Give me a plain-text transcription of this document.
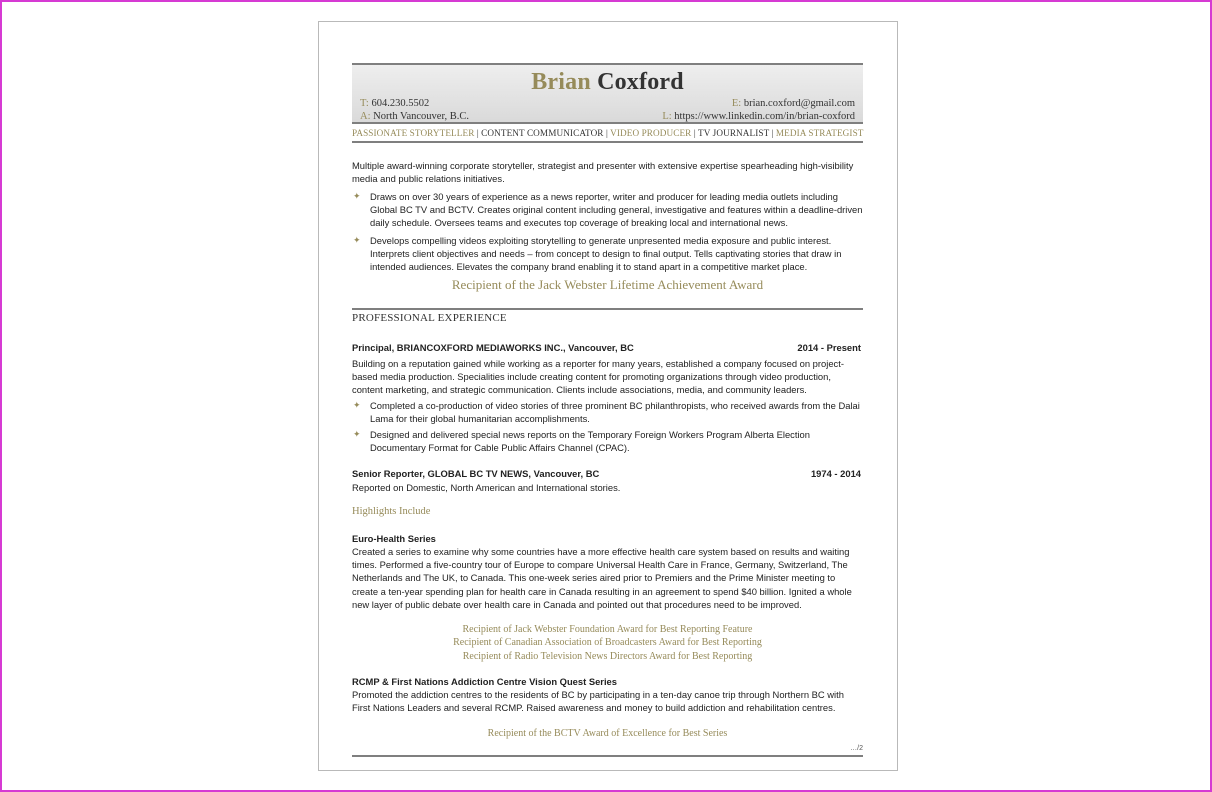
Brian Coxford
T: 604.230.5502
A: North Vancouver, B.C.
E: brian.coxford@gmail.com
L: https://www.linkedin.com/in/brian-coxford
PASSIONATE STORYTELLER | CONTENT COMMUNICATOR | VIDEO PRODUCER | TV JOURNALIST | MEDIA STRATEGIST
Multiple award-winning corporate storyteller, strategist and presenter with extensive expertise spearheading high-visibility media and public relations initiatives.
✦ Draws on over 30 years of experience as a news reporter, writer and producer for leading media outlets including Global BC TV and BCTV. Creates original content including general, investigative and features within a deadline-driven daily schedule. Oversees teams and executes top coverage of breaking local and international news.
✦ Develops compelling videos exploiting storytelling to generate unpresented media exposure and public interest. Interprets client objectives and needs – from concept to design to final output. Tells captivating stories that draw in intended audiences. Elevates the company brand enabling it to stand apart in a competitive market place.
Recipient of the Jack Webster Lifetime Achievement Award
PROFESSIONAL EXPERIENCE
Principal, BRIANCOXFORD MEDIAWORKS INC., Vancouver, BC	2014 - Present
Building on a reputation gained while working as a reporter for many years, established a company focused on project-based media production. Specialities include creating content for promoting organizations through video production, content marketing, and strategic communication. Clients include associations, media, and community leaders.
✦ Completed a co-production of video stories of three prominent BC philanthropists, who received awards from the Dalai Lama for their global humanitarian accomplishments.
✦ Designed and delivered special news reports on the Temporary Foreign Workers Program Alberta Election Documentary Format for Cable Public Affairs Channel (CPAC).
Senior Reporter, GLOBAL BC TV NEWS, Vancouver, BC	1974 - 2014
Reported on Domestic, North American and International stories.
Highlights Include
Euro-Health Series
Created a series to examine why some countries have a more effective health care system based on results and waiting times. Performed a five-country tour of Europe to compare Universal Health Care in France, Germany, Switzerland, The Netherlands and The UK, to Canada. This one-week series aired prior to Premiers and the Prime Minister meeting to create a ten-year spending plan for health care in Canada resulting in an agreement to spend $40 billion. Ignited a whole new layer of public debate over health care in Canada and pointed out that procedures need to be improved.
Recipient of Jack Webster Foundation Award for Best Reporting Feature
Recipient of Canadian Association of Broadcasters Award for Best Reporting
Recipient of Radio Television News Directors Award for Best Reporting
RCMP & First Nations Addiction Centre Vision Quest Series
Promoted the addiction centres to the residents of BC by participating in a ten-day canoe trip through Northern BC with First Nations Leaders and several RCMP. Raised awareness and money to build addiction and rehabilitation centres.
Recipient of the BCTV Award of Excellence for Best Series
…/2
